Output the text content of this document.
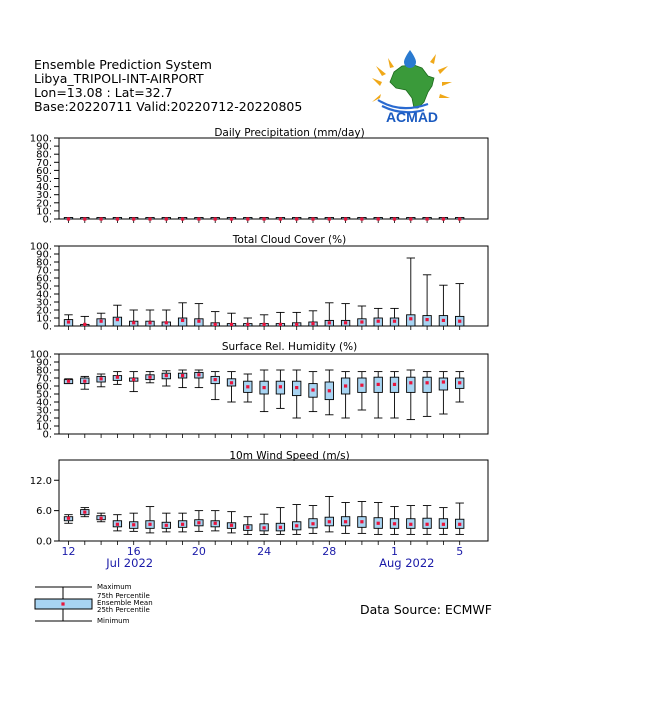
Ensemble Prediction System
Libya_TRIPOLI-INT-AIRPORT
Lon=13.08 : Lat=32.7
Base:20220711 Valid:20220712-20220805
ACMAD
Daily Precipitation (mm/day)
0.
10.
20.
30.
40.
50.
60.
70.
80.
90.
100.
Total Cloud Cover (%)
0.
10.
20.
30.
40.
50.
60.
70.
80.
90.
100.
Surface Rel. Humidity (%)
0.
10.
20.
30.
40.
50.
60.
70.
80.
90.
100.
10m Wind Speed (m/s)
0.0
6.0
12.0
12	16	20	24	28	1	5
Jul 2022	Aug 2022
Maximum
75th Percentile
Ensemble Mean
25th Percentile
Minimum
Data Source: ECMWF
